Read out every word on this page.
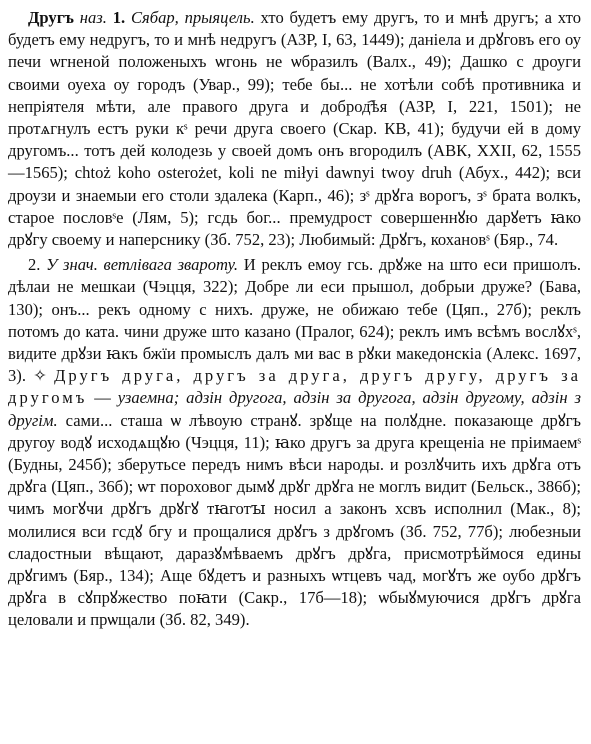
Другъ наз. 1. Сябар, прыяцель. хто будетъ ему другъ, то и мнѣ другъ; а хто будетъ ему недругъ, то и мнѣ недругъ (АЗР, I, 63, 1449); даніела и дрꙋговъ его оу печи ѡгненой положеныхъ ѡгонь не ѡбразилъ (Валх., 49); Дашко с дроуги своими оуеха оу городъ (Увар., 99); тебе бы... не хотѣли собѣ противника и непріятеля мѣти, але правого друга и доброд҄ѣя (АЗР, I, 221, 1501); не протѧгнулъ естъ руки кˢ речи друга своего (Скар. КВ, 41); будучи ей в дому другомъ... тотъ дей колодезь у своей домъ онъ вгородилъ (АВК, XXII, 62, 1555—1565); chtoż koho osterożet, koli ne miłyi dawnyi twoy druh (Абух., 442); вси дроузи и знаемыи его столи здалека (Карп., 46); зˢ дрꙋга ворогъ, зˢ брата волкъ, старое пословˢе (Лям, 5); гсдь бог... премудрост совершеннꙋю дарꙋетъ ꙗко дрꙋгу своему и наперснику (Зб. 752, 23); Любимый: Дрꙋгъ, кохановˢ (Бяр., 74.

2. У знач. ветлівага звароту. И реклъ емоу гсь. дрꙋже на што еси пришолъ. дѣлаи не мешкаи (Чэцця, 322); Добре ли еси прышол, добрыи друже? (Бава, 130); онъ... рекъ одному с нихъ. друже, не обижаю тебе (Цяп., 27б); реклъ потомъ до ката. чини друже што казано (Пралог, 624); реклъ имъ всѣмъ вослꙋхˢ, видите дрꙋзи ꙗкъ бжїи промыслъ далъ ми вас в рꙋки македонскіа (Алекс. 1697, 3). ✧ Другъ друга, другъ за друга, другъ другу, другъ за другомъ — узаемна; адзін другога, адзін за другога, адзін другому, адзін з другім. сами... сташа ѡ лѣвоую странꙋ. зрꙋще на полꙋдне. показающе дрꙋгъ другоу водꙋ исходѧщꙋю (Чэцця, 11); ꙗко другъ за друга крещеніа не пріимаемˢ (Будны, 245б); зберутьсе передъ нимъ вѣси народы. и розлꙋчить ихъ дрꙋга отъ дрꙋга (Цяп., 36б); ѡт пороховог дымꙋ дрꙋг дрꙋга не моглъ видит (Бельск., 386б); чимъ могꙋчи дрꙋгъ дрꙋгꙋ тꙗготꙑ носил а законъ хсвъ исполнил (Мак., 8); молилися вси гсдꙋ бгу и прощалися дрꙋгъ з дрꙋгомъ (Зб. 752, 77б); любезныи сладостныи вѣщают, даразꙋмѣваемъ дрꙋгъ дрꙋга, присмотрѣймося едины дрꙋгимъ (Бяр., 134); Аще бꙋдетъ и разныхъ ѡтцевъ чад, могꙋтъ же оубо дрꙋгъ дрꙋга в сꙋпрꙋжество поꙗти (Сакр., 17б—18); ѡбыꙋмуючися дрꙋгъ дрꙋга целовали и прѡщали (Зб. 82, 349).
